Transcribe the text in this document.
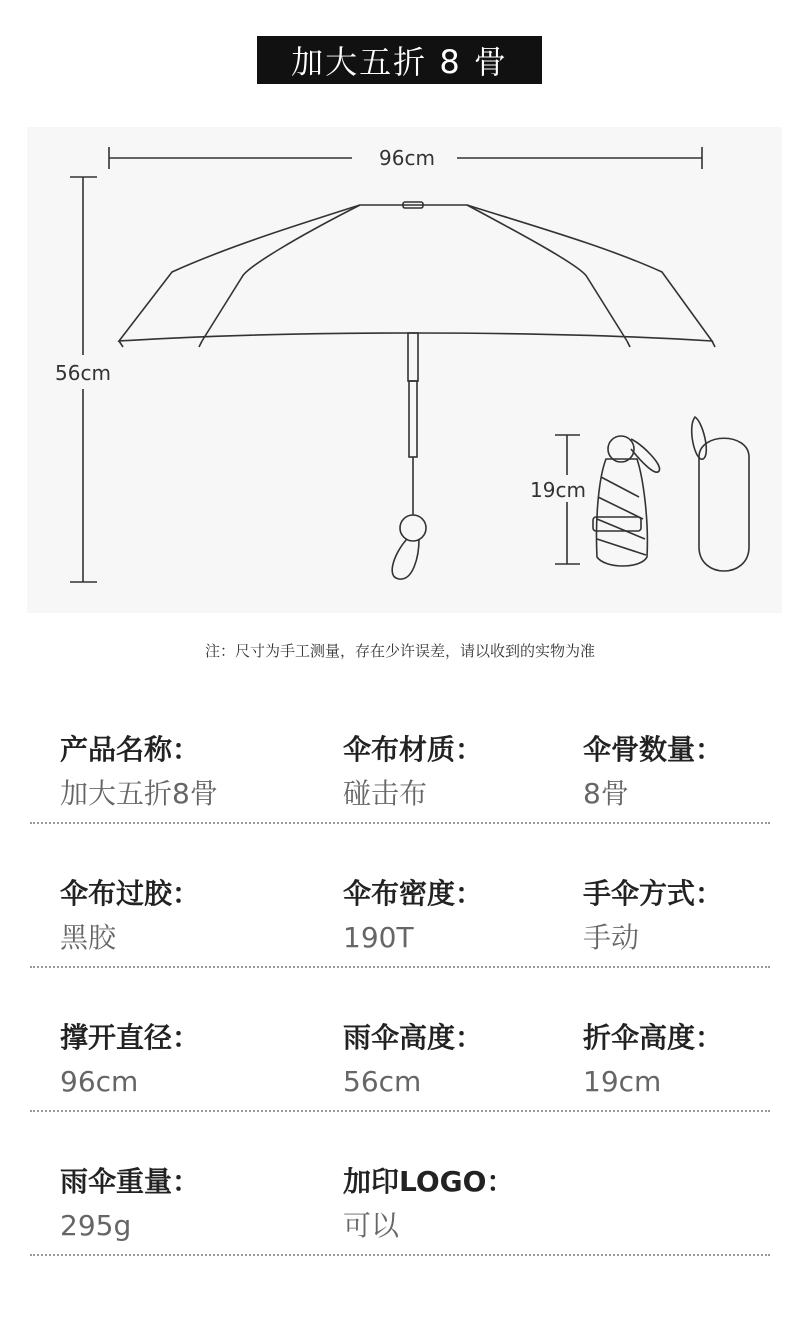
加大五折 8 骨
96cm
56cm
19cm
注：尺寸为手工测量，存在少许误差，请以收到的实物为准
产品名称：
加大五折8骨
伞布材质：
碰击布
伞骨数量：
8骨
伞布过胶：
黑胶
伞布密度：
190T
手伞方式：
手动
撑开直径：
96cm
雨伞高度：
56cm
折伞高度：
19cm
雨伞重量：
295g
加印LOGO：
可以
